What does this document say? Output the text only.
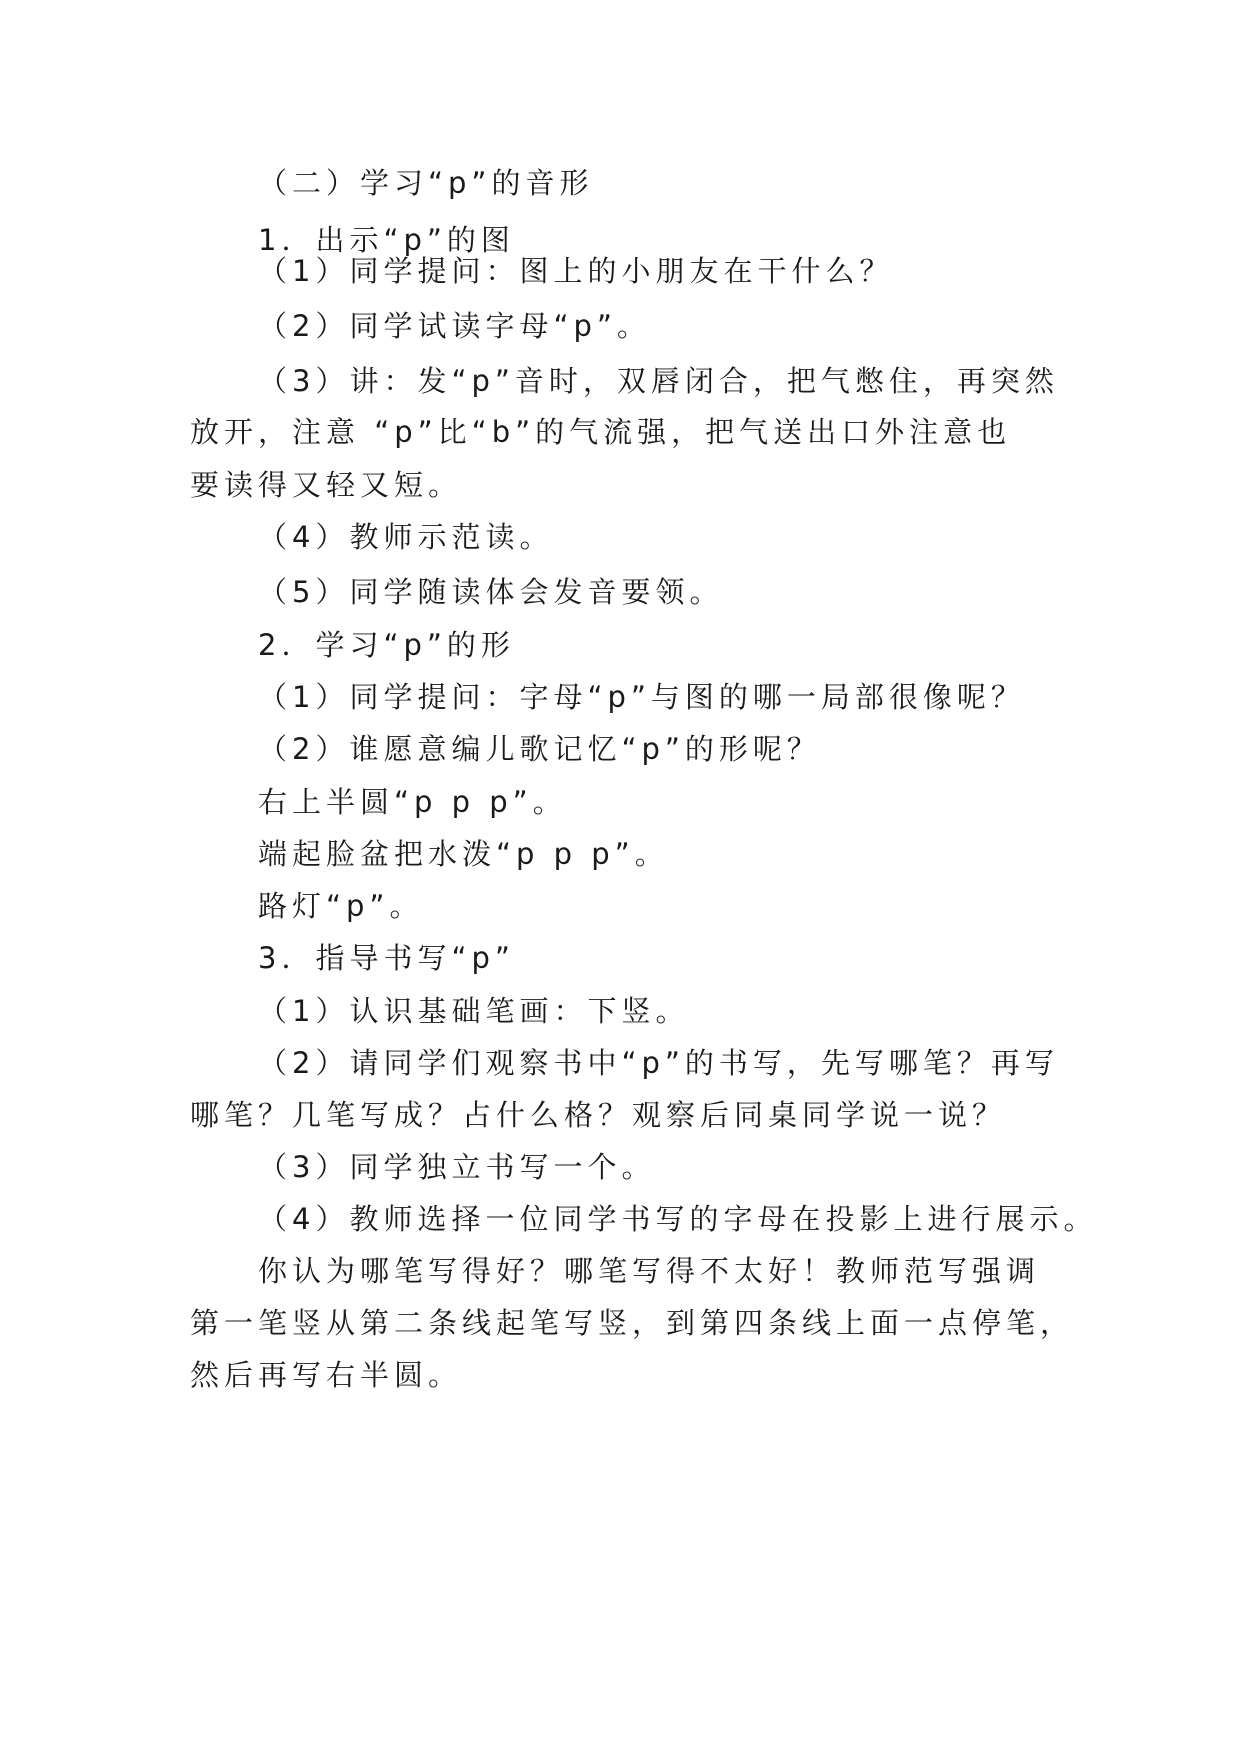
（二）学习“p”的音形
1．出示“p”的图
（1）同学提问：图上的小朋友在干什么？
（2）同学试读字母“p”。
（3）讲：发“p”音时，双唇闭合，把气憋住，再突然
放开，注意 “p”比“b”的气流强，把气送出口外注意也
要读得又轻又短。
（4）教师示范读。
（5）同学随读体会发音要领。
2．学习“p”的形
（1）同学提问：字母“p”与图的哪一局部很像呢？
（2）谁愿意编儿歌记忆“p”的形呢？
右上半圆“p p p”。
端起脸盆把水泼“p p p”。
路灯“p”。
3．指导书写“p”
（1）认识基础笔画：下竖。
（2）请同学们观察书中“p”的书写，先写哪笔？再写
哪笔？几笔写成？占什么格？观察后同桌同学说一说？
（3）同学独立书写一个。
（4）教师选择一位同学书写的字母在投影上进行展示。
你认为哪笔写得好？哪笔写得不太好！教师范写强调
第一笔竖从第二条线起笔写竖，到第四条线上面一点停笔，
然后再写右半圆。
